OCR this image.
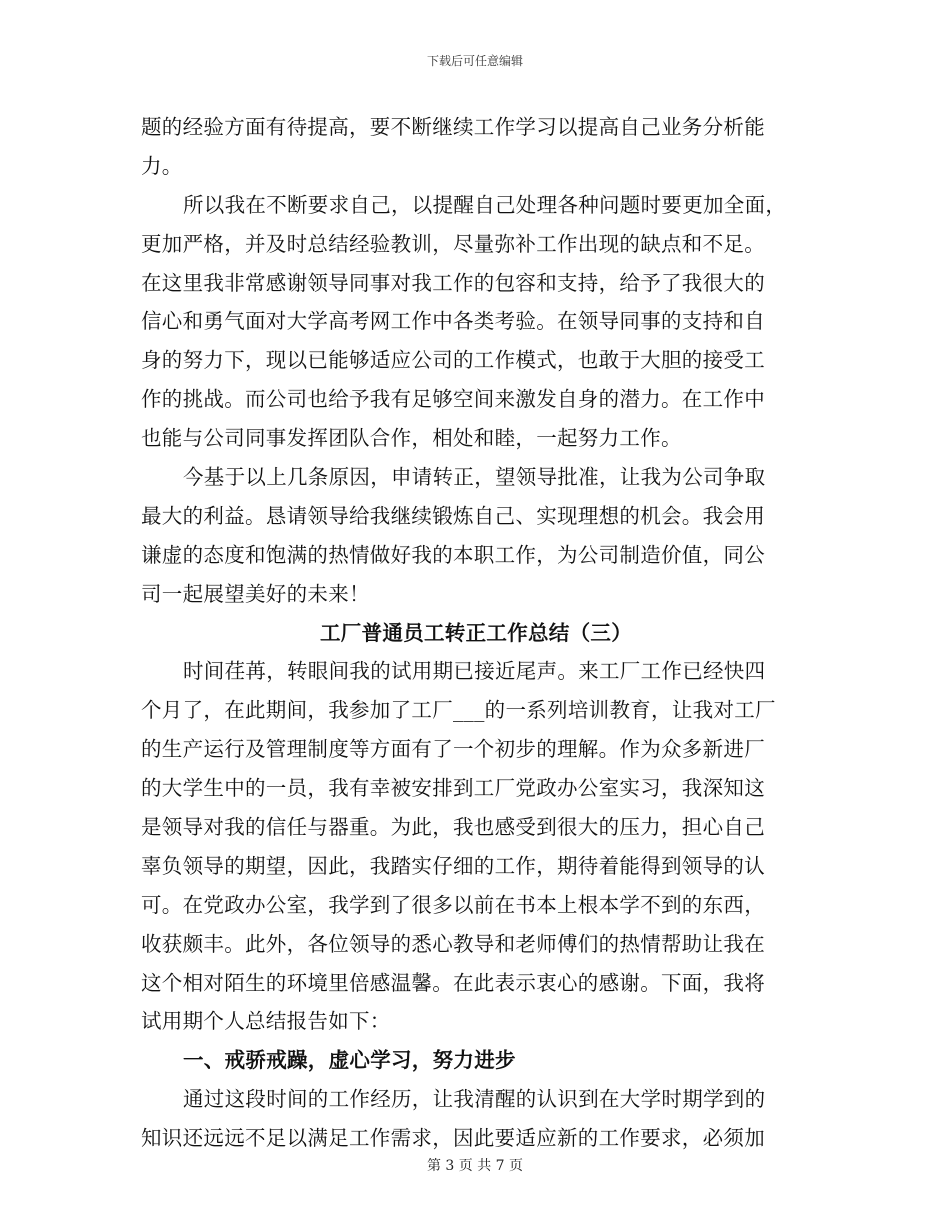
下载后可任意编辑
题的经验方面有待提高，要不断继续工作学习以提高自己业务分析能
力。
所以我在不断要求自己，以提醒自己处理各种问题时要更加全面，
更加严格，并及时总结经验教训，尽量弥补工作出现的缺点和不足。
在这里我非常感谢领导同事对我工作的包容和支持，给予了我很大的
信心和勇气面对大学高考网工作中各类考验。在领导同事的支持和自
身的努力下，现以已能够适应公司的工作模式，也敢于大胆的接受工
作的挑战。而公司也给予我有足够空间来激发自身的潜力。在工作中
也能与公司同事发挥团队合作，相处和睦，一起努力工作。
今基于以上几条原因，申请转正，望领导批准，让我为公司争取
最大的利益。恳请领导给我继续锻炼自己、实现理想的机会。我会用
谦虚的态度和饱满的热情做好我的本职工作，为公司制造价值，同公
司一起展望美好的未来！
工厂普通员工转正工作总结（三）
时间荏苒，转眼间我的试用期已接近尾声。来工厂工作已经快四
个月了，在此期间，我参加了工厂___的一系列培训教育，让我对工厂
的生产运行及管理制度等方面有了一个初步的理解。作为众多新进厂
的大学生中的一员，我有幸被安排到工厂党政办公室实习，我深知这
是领导对我的信任与器重。为此，我也感受到很大的压力，担心自己
辜负领导的期望，因此，我踏实仔细的工作，期待着能得到领导的认
可。在党政办公室，我学到了很多以前在书本上根本学不到的东西，
收获颇丰。此外，各位领导的悉心教导和老师傅们的热情帮助让我在
这个相对陌生的环境里倍感温馨。在此表示衷心的感谢。下面，我将
试用期个人总结报告如下：
一、戒骄戒躁，虚心学习，努力进步
通过这段时间的工作经历，让我清醒的认识到在大学时期学到的
知识还远远不足以满足工作需求，因此要适应新的工作要求，必须加
第 3 页 共 7 页
